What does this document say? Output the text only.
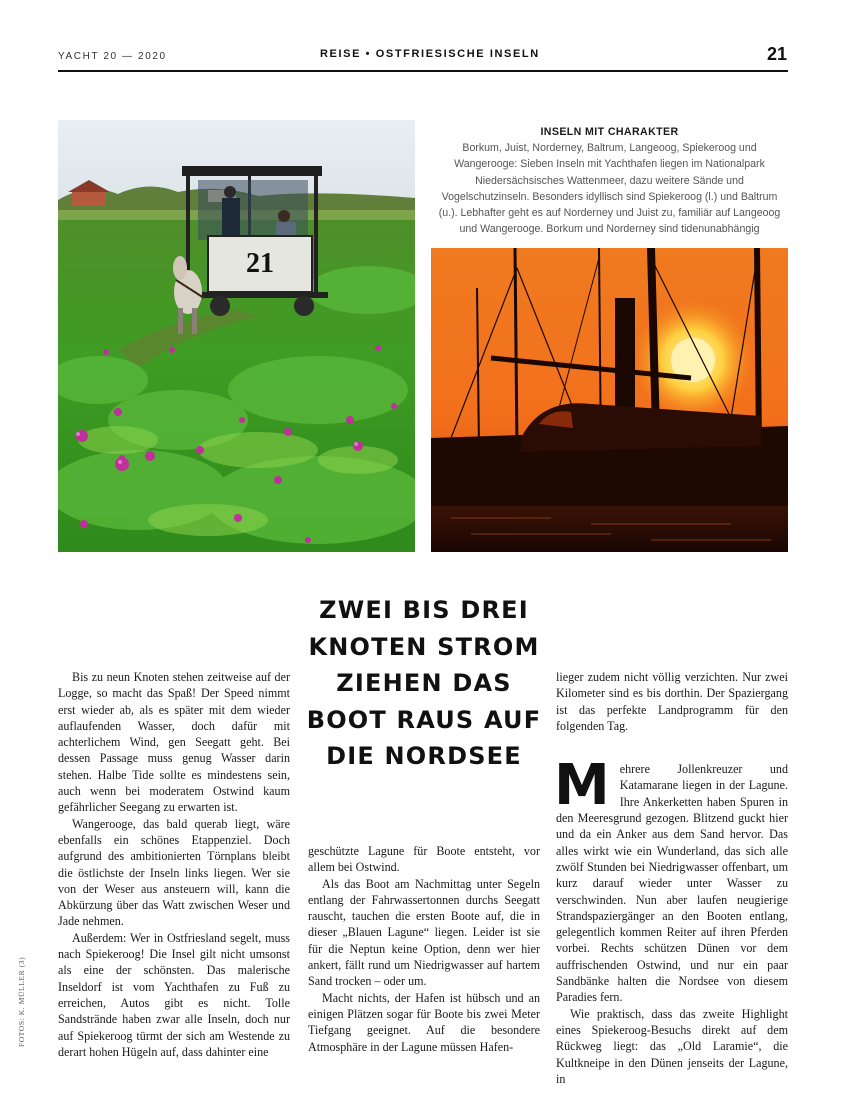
YACHT 20 — 2020	REISE • OSTFRIESISCHE INSELN	21
21
INSELN MIT CHARAKTER
Borkum, Juist, Norderney, Baltrum, Langeoog, Spiekeroog und Wangerooge: Sieben Inseln mit Yachthafen liegen im Nationalpark Niedersächsisches Wattenmeer, dazu weitere Sände und Vogelschutzinseln. Besonders idyllisch sind Spiekeroog (l.) und Baltrum (u.). Lebhafter geht es auf Norderney und Juist zu, familiär auf Langeoog und Wangerooge. Borkum und Norderney sind tidenunabhängig
ZWEI BIS DREI KNOTEN STROM ZIEHEN DAS BOOT RAUS AUF DIE NORDSEE

Bis zu neun Knoten stehen zeitweise auf der Logge, so macht das Spaß! Der Speed nimmt erst wieder ab, als es später mit dem wieder auflaufenden Wasser, doch dafür mit achterlichem Wind, gen Seegatt geht. Bei dessen Passage muss genug Wasser darin stehen. Halbe Tide sollte es mindestens sein, auch wenn bei moderatem Ostwind kaum gefährlicher Seegang zu erwarten ist.

Wangerooge, das bald querab liegt, wäre ebenfalls ein schönes Etappenziel. Doch aufgrund des ambitionierten Törnplans bleibt die östlichste der Inseln links liegen. Wer sie von der Weser aus ansteuern will, kann die Abkürzung über das Watt zwischen Weser und Jade nehmen.

Außerdem: Wer in Ostfriesland segelt, muss nach Spiekeroog! Die Insel gilt nicht umsonst als eine der schönsten. Das malerische Inseldorf ist vom Yachthafen zu Fuß zu erreichen, Autos gibt es nicht. Tolle Sandstrände haben zwar alle Inseln, doch nur auf Spiekeroog türmt der sich am Westende zu derart hohen Hügeln auf, dass dahinter eine

geschützte Lagune für Boote entsteht, vor allem bei Ostwind.

Als das Boot am Nachmittag unter Segeln entlang der Fahrwassertonnen durchs Seegatt rauscht, tauchen die ersten Boote auf, die in dieser „Blauen Lagune“ liegen. Leider ist sie für die Neptun keine Option, denn wer hier ankert, fällt rund um Niedrigwasser auf hartem Sand trocken – oder um.

Macht nichts, der Hafen ist hübsch und an einigen Plätzen sogar für Boote bis zwei Meter Tiefgang geeignet. Auf die besondere Atmosphäre in der Lagune müssen Hafen-

lieger zudem nicht völlig verzichten. Nur zwei Kilometer sind es bis dorthin. Der Spaziergang ist das perfekte Landprogramm für den folgenden Tag.

Mehrere Jollenkreuzer und Katamarane liegen in der Lagune. Ihre Ankerketten haben Spuren in den Meeresgrund gezogen. Blitzend guckt hier und da ein Anker aus dem Sand hervor. Das alles wirkt wie ein Wunderland, das sich alle zwölf Stunden bei Niedrigwasser offenbart, um kurz darauf wieder unter Wasser zu verschwinden. Nun aber laufen neugierige Strandspaziergänger an den Booten entlang, gelegentlich kommen Reiter auf ihren Pferden vorbei. Rechts schützen Dünen vor dem auffrischenden Ostwind, und nur ein paar Sandbänke halten die Nordsee von diesem Paradies fern.

Wie praktisch, dass das zweite Highlight eines Spiekeroog-Besuchs direkt auf dem Rückweg liegt: das „Old Laramie“, die Kultkneipe in den Dünen jenseits der Lagune, in

FOTOS: K. MÜLLER (3)
